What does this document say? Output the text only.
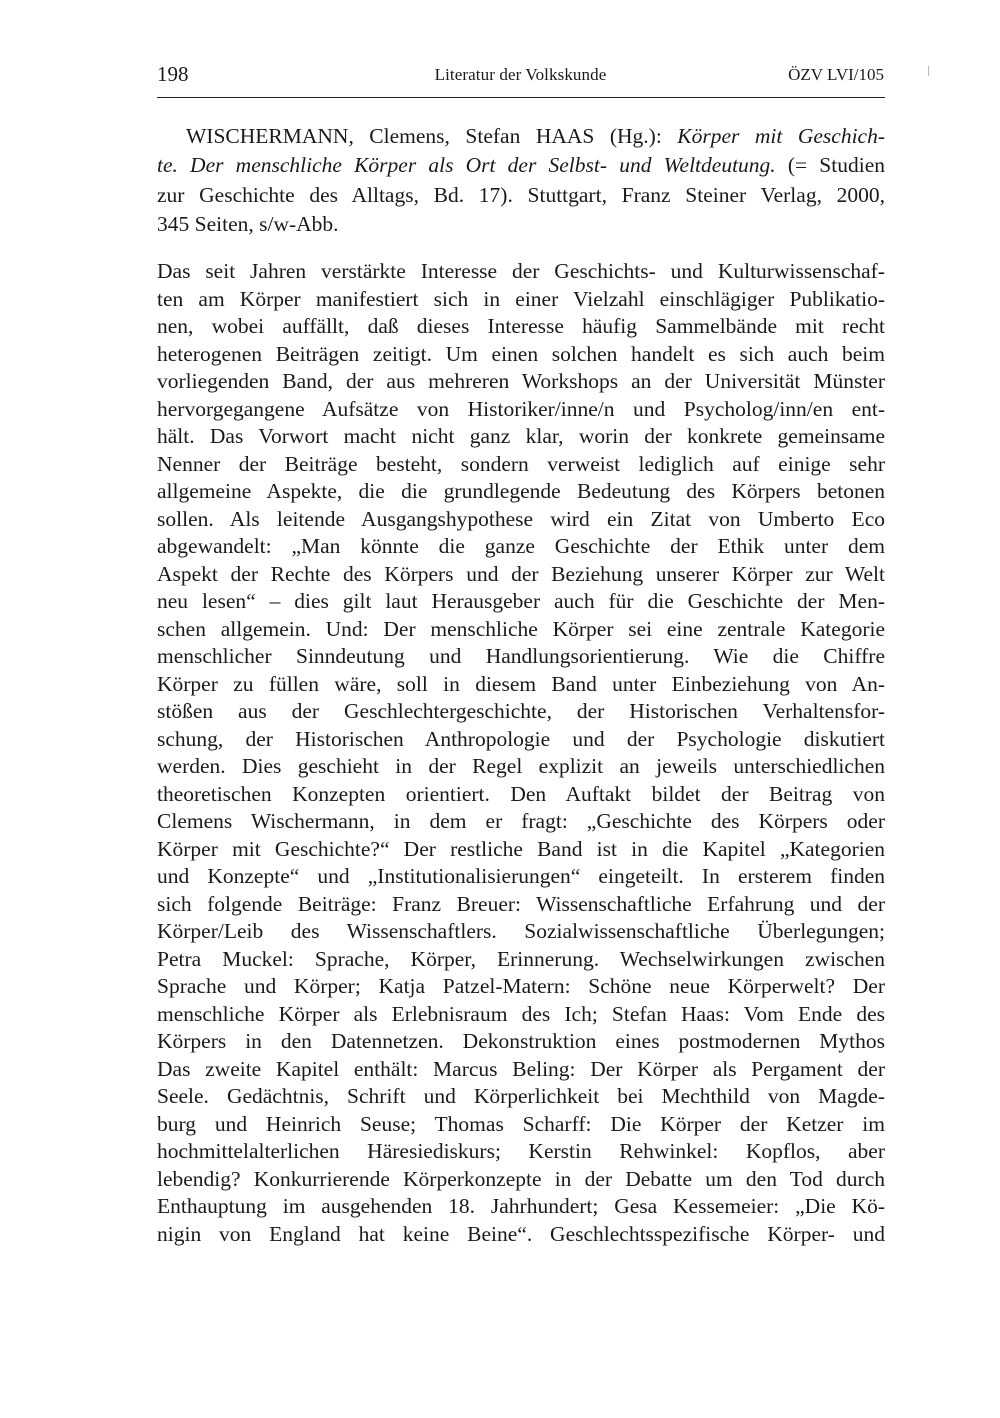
198	Literatur der Volkskunde	ÖZV LVI/105
WISCHERMANN, Clemens, Stefan HAAS (Hg.): Körper mit Geschich-
te. Der menschliche Körper als Ort der Selbst- und Weltdeutung. (= Studien
zur Geschichte des Alltags, Bd. 17). Stuttgart, Franz Steiner Verlag, 2000,
345 Seiten, s/w-Abb.
Das seit Jahren verstärkte Interesse der Geschichts- und Kulturwissenschaf-
ten am Körper manifestiert sich in einer Vielzahl einschlägiger Publikatio-
nen, wobei auffällt, daß dieses Interesse häufig Sammelbände mit recht
heterogenen Beiträgen zeitigt. Um einen solchen handelt es sich auch beim
vorliegenden Band, der aus mehreren Workshops an der Universität Münster
hervorgegangene Aufsätze von Historiker/inne/n und Psycholog/inn/en ent-
hält. Das Vorwort macht nicht ganz klar, worin der konkrete gemeinsame
Nenner der Beiträge besteht, sondern verweist lediglich auf einige sehr
allgemeine Aspekte, die die grundlegende Bedeutung des Körpers betonen
sollen. Als leitende Ausgangshypothese wird ein Zitat von Umberto Eco
abgewandelt: „Man könnte die ganze Geschichte der Ethik unter dem
Aspekt der Rechte des Körpers und der Beziehung unserer Körper zur Welt
neu lesen“ – dies gilt laut Herausgeber auch für die Geschichte der Men-
schen allgemein. Und: Der menschliche Körper sei eine zentrale Kategorie
menschlicher Sinndeutung und Handlungsorientierung. Wie die Chiffre
Körper zu füllen wäre, soll in diesem Band unter Einbeziehung von An-
stößen aus der Geschlechtergeschichte, der Historischen Verhaltensfor-
schung, der Historischen Anthropologie und der Psychologie diskutiert
werden. Dies geschieht in der Regel explizit an jeweils unterschiedlichen
theoretischen Konzepten orientiert. Den Auftakt bildet der Beitrag von
Clemens Wischermann, in dem er fragt: „Geschichte des Körpers oder
Körper mit Geschichte?“ Der restliche Band ist in die Kapitel „Kategorien
und Konzepte“ und „Institutionalisierungen“ eingeteilt. In ersterem finden
sich folgende Beiträge: Franz Breuer: Wissenschaftliche Erfahrung und der
Körper/Leib des Wissenschaftlers. Sozialwissenschaftliche Überlegungen;
Petra Muckel: Sprache, Körper, Erinnerung. Wechselwirkungen zwischen
Sprache und Körper; Katja Patzel-Matern: Schöne neue Körperwelt? Der
menschliche Körper als Erlebnisraum des Ich; Stefan Haas: Vom Ende des
Körpers in den Datennetzen. Dekonstruktion eines postmodernen Mythos
Das zweite Kapitel enthält: Marcus Beling: Der Körper als Pergament der
Seele. Gedächtnis, Schrift und Körperlichkeit bei Mechthild von Magde-
burg und Heinrich Seuse; Thomas Scharff: Die Körper der Ketzer im
hochmittelalterlichen Häresiediskurs; Kerstin Rehwinkel: Kopflos, aber
lebendig? Konkurrierende Körperkonzepte in der Debatte um den Tod durch
Enthauptung im ausgehenden 18. Jahrhundert; Gesa Kessemeier: „Die Kö-
nigin von England hat keine Beine“. Geschlechtsspezifische Körper- und
